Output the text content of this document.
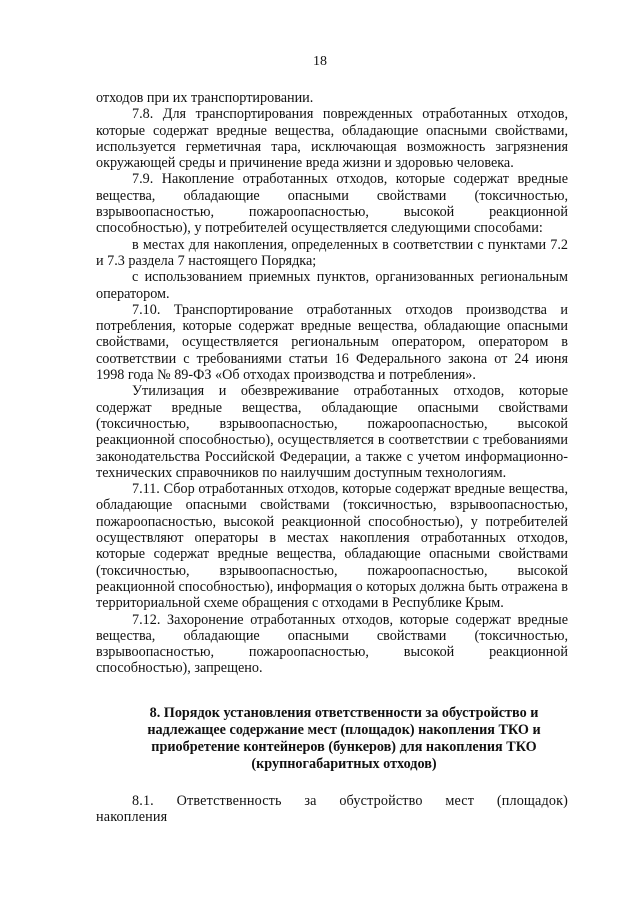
18

отходов при их транспортировании.

7.8. Для транспортирования поврежденных отработанных отходов, которые содержат вредные вещества, обладающие опасными свойствами, используется герметичная тара, исключающая возможность загрязнения окружающей среды и причинение вреда жизни и здоровью человека.

7.9. Накопление отработанных отходов, которые содержат вредные вещества, обладающие опасными свойствами (токсичностью, взрывоопасностью, пожароопасностью, высокой реакционной способностью), у потребителей осуществляется следующими способами:

в местах для накопления, определенных в соответствии с пунктами 7.2 и 7.3 раздела 7 настоящего Порядка;

с использованием приемных пунктов, организованных региональным оператором.

7.10. Транспортирование отработанных отходов производства и потребления, которые содержат вредные вещества, обладающие опасными свойствами, осуществляется региональным оператором, оператором в соответствии с требованиями статьи 16 Федерального закона от 24 июня 1998 года № 89-ФЗ «Об отходах производства и потребления».

Утилизация и обезвреживание отработанных отходов, которые содержат вредные вещества, обладающие опасными свойствами (токсичностью, взрывоопасностью, пожароопасностью, высокой реакционной способностью), осуществляется в соответствии с требованиями законодательства Российской Федерации, а также с учетом информационно-технических справочников по наилучшим доступным технологиям.

7.11. Сбор отработанных отходов, которые содержат вредные вещества, обладающие опасными свойствами (токсичностью, взрывоопасностью, пожароопасностью, высокой реакционной способностью), у потребителей осуществляют операторы в местах накопления отработанных отходов, которые содержат вредные вещества, обладающие опасными свойствами (токсичностью, взрывоопасностью, пожароопасностью, высокой реакционной способностью), информация о которых должна быть отражена в территориальной схеме обращения с отходами в Республике Крым.

7.12. Захоронение отработанных отходов, которые содержат вредные вещества, обладающие опасными свойствами (токсичностью, взрывоопасностью, пожароопасностью, высокой реакционной способностью), запрещено.

8. Порядок установления ответственности за обустройство и
надлежащее содержание мест (площадок) накопления ТКО и
приобретение контейнеров (бункеров) для накопления ТКО
(крупногабаритных отходов)

8.1. Ответственность за обустройство мест (площадок) накопления
